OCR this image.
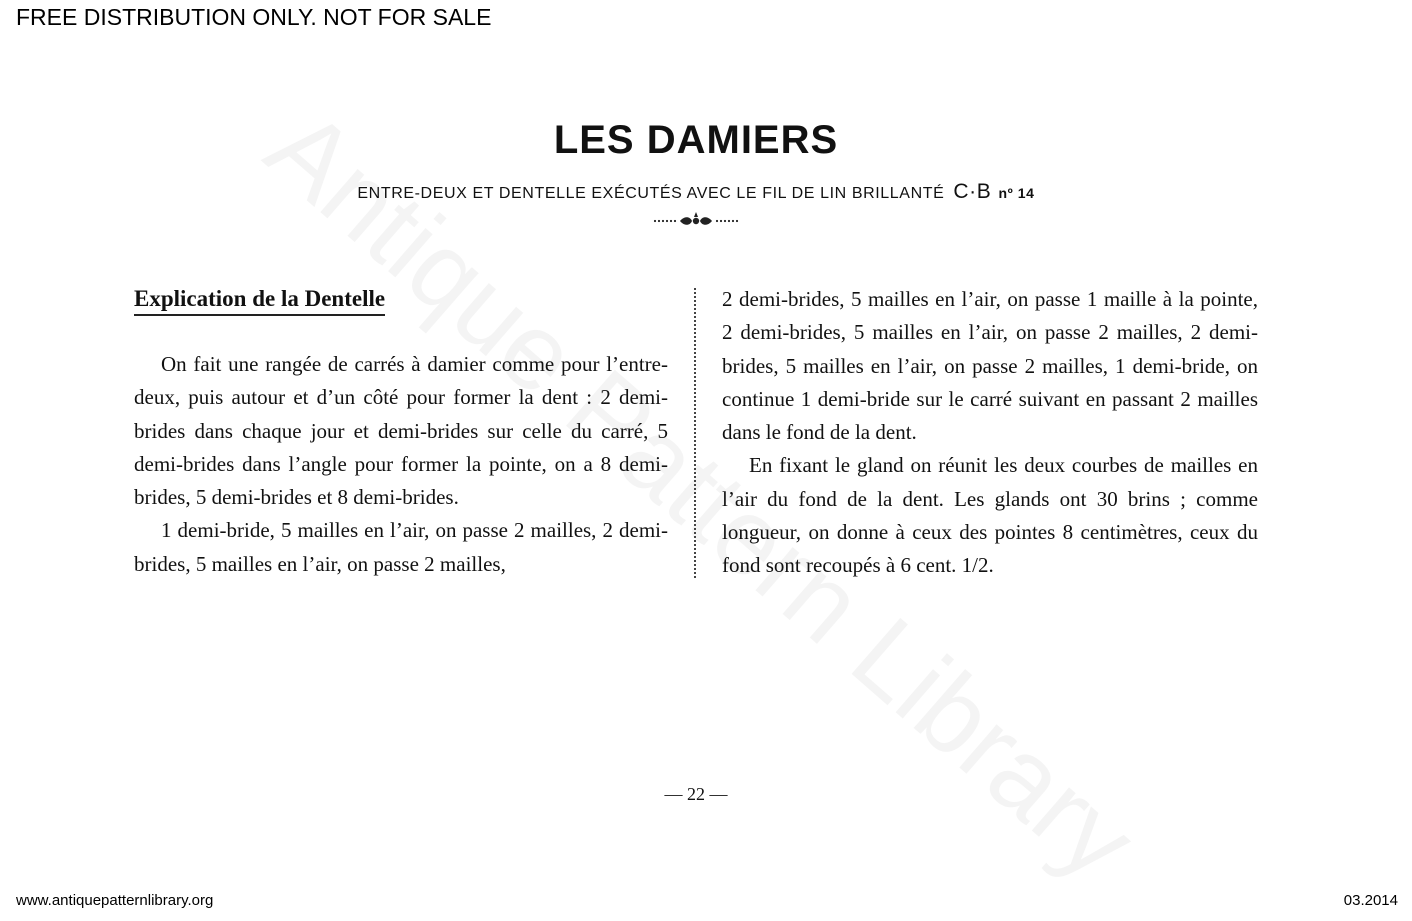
FREE DISTRIBUTION ONLY. NOT FOR SALE
LES DAMIERS
ENTRE-DEUX ET DENTELLE EXÉCUTÉS AVEC LE FIL DE LIN BRILLANTÉ C·B nº 14
Explication de la Dentelle

On fait une rangée de carrés à damier comme pour l’entre-deux, puis autour et d’un côté pour former la dent : 2 demi-brides dans chaque jour et demi-brides sur celle du carré, 5 demi-brides dans l’angle pour former la pointe, on a 8 demi-brides, 5 demi-brides et 8 demi-brides.

1 demi-bride, 5 mailles en l’air, on passe 2 mailles, 2 demi-brides, 5 mailles en l’air, on passe 2 mailles,

2 demi-brides, 5 mailles en l’air, on passe 1 maille à la pointe, 2 demi-brides, 5 mailles en l’air, on passe 2 mailles, 2 demi-brides, 5 mailles en l’air, on passe 2 mailles, 1 demi-bride, on continue 1 demi-bride sur le carré suivant en passant 2 mailles dans le fond de la dent.

En fixant le gland on réunit les deux courbes de mailles en l’air du fond de la dent. Les glands ont 30 brins ; comme longueur, on donne à ceux des pointes 8 centimètres, ceux du fond sont recoupés à 6 cent. 1/2.

— 22 —
www.antiquepatternlibrary.org	03.2014
